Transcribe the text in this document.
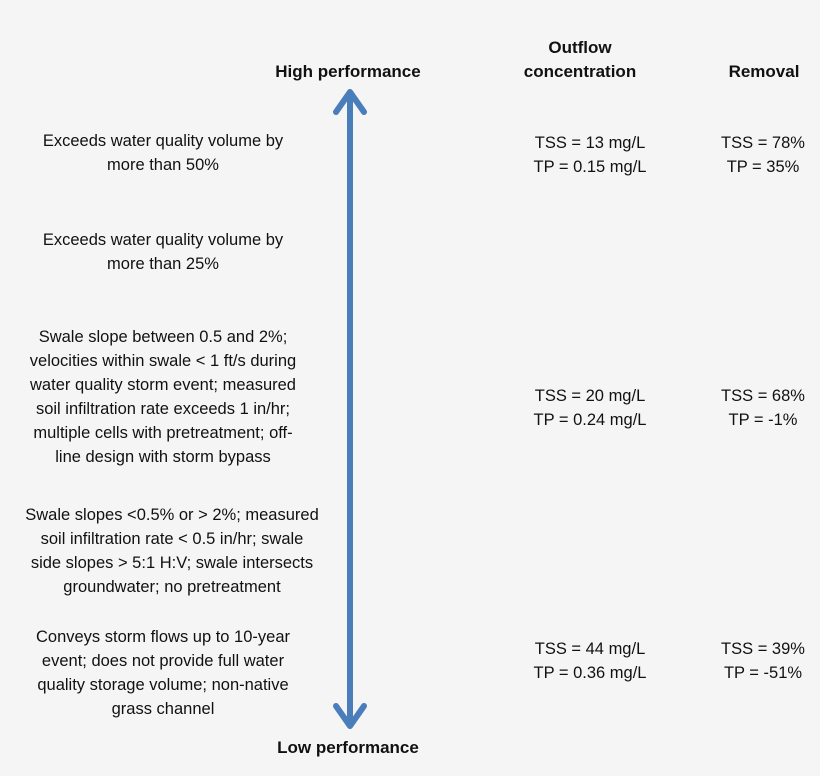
High performance
Outflow
concentration	Removal
Exceeds water quality volume by
more than 50%
TSS = 13 mg/L
TP = 0.15 mg/L
TSS = 78%
TP = 35%
Exceeds water quality volume by
more than 25%
Swale slope between 0.5 and 2%;
velocities within swale < 1 ft/s during
water quality storm event; measured
soil infiltration rate exceeds 1 in/hr;
multiple cells with pretreatment; off-
line design with storm bypass
TSS = 20 mg/L
TP = 0.24 mg/L
TSS = 68%
TP = -1%
Swale slopes <0.5% or > 2%; measured
soil infiltration rate < 0.5 in/hr; swale
side slopes > 5:1 H:V; swale intersects
groundwater; no pretreatment
Conveys storm flows up to 10-year
event; does not provide full water
quality storage volume; non-native
grass channel
TSS = 44 mg/L
TP = 0.36 mg/L
TSS = 39%
TP = -51%
Low performance
